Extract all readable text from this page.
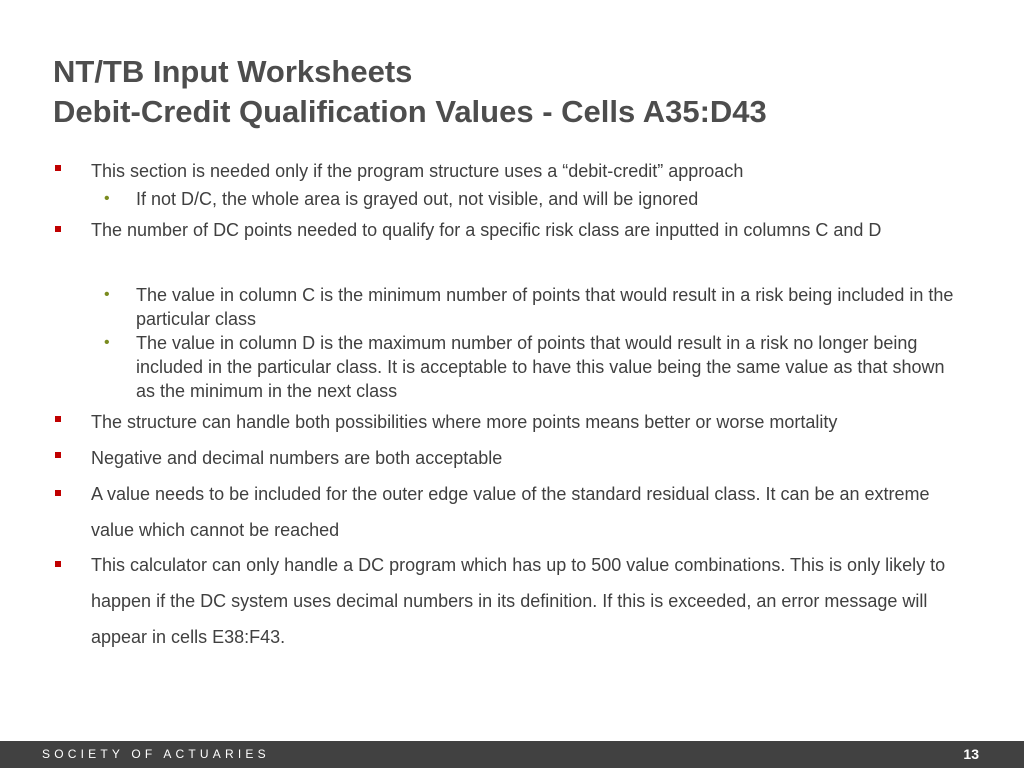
NT/TB Input Worksheets
Debit-Credit Qualification Values - Cells A35:D43
This section is needed only if the program structure uses a “debit-credit” approach
• If not D/C, the whole area is grayed out, not visible, and will be ignored
The number of DC points needed to qualify for a specific risk class are inputted in columns C and D
• The value in column C is the minimum number of points that would result in a risk being included in the particular class
• The value in column D is the maximum number of points that would result in a risk no longer being included in the particular class. It is acceptable to have this value being the same value as that shown as the minimum in the next class
The structure can handle both possibilities where more points means better or worse mortality
Negative and decimal numbers are both acceptable
A value needs to be included for the outer edge value of the standard residual class. It can be an extreme value which cannot be reached
This calculator can only handle a DC program which has up to 500 value combinations. This is only likely to happen if the DC system uses decimal numbers in its definition. If this is exceeded, an error message will appear in cells E38:F43.
SOCIETY OF ACTUARIES	13
